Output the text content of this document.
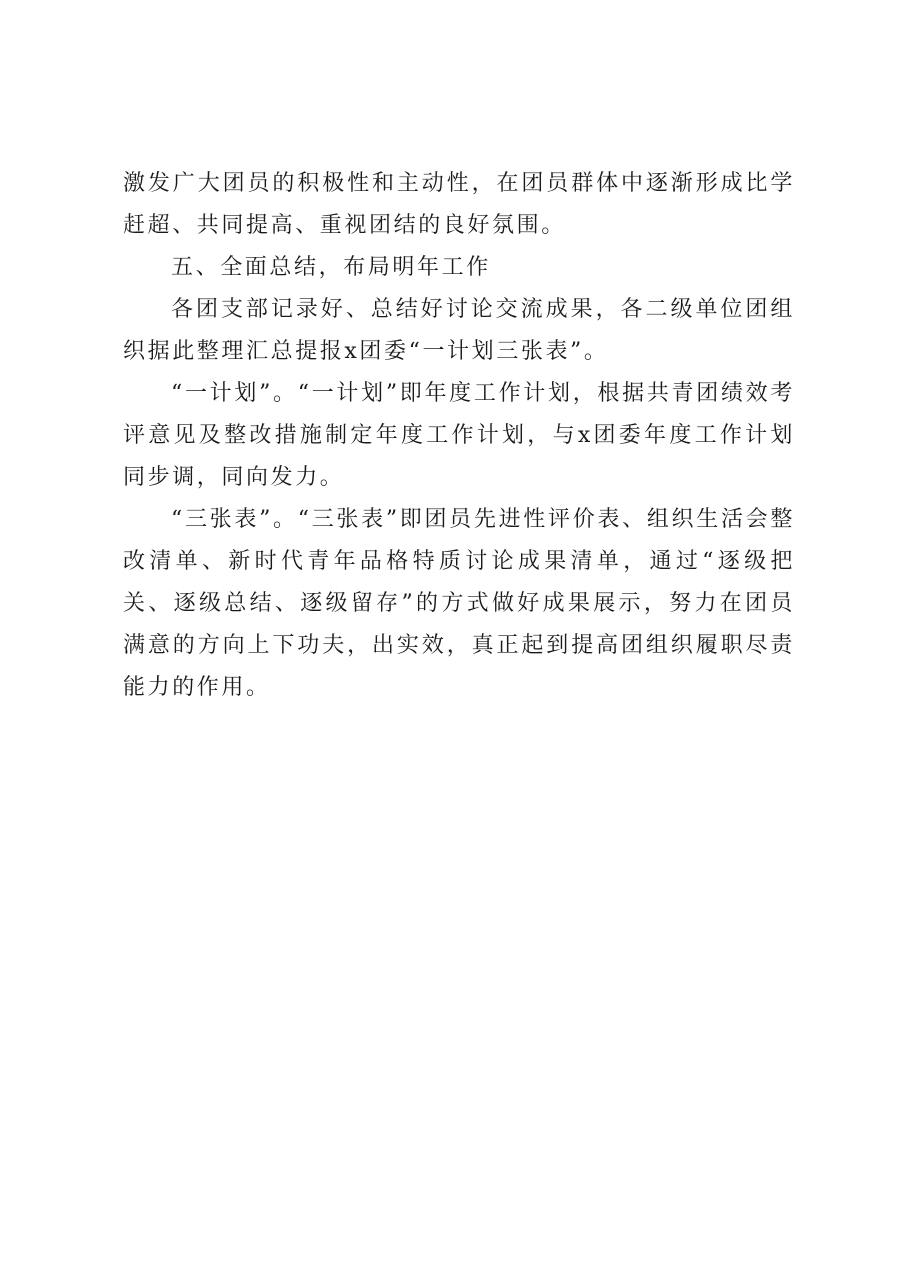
激发广大团员的积极性和主动性，在团员群体中逐渐形成比学赶超、共同提高、重视团结的良好氛围。

五、全面总结，布局明年工作

各团支部记录好、总结好讨论交流成果，各二级单位团组织据此整理汇总提报x团委“一计划三张表”。

“一计划”。“一计划”即年度工作计划，根据共青团绩效考评意见及整改措施制定年度工作计划，与x团委年度工作计划同步调，同向发力。

“三张表”。“三张表”即团员先进性评价表、组织生活会整改清单、新时代青年品格特质讨论成果清单，通过“逐级把关、逐级总结、逐级留存”的方式做好成果展示，努力在团员满意的方向上下功夫，出实效，真正起到提高团组织履职尽责能力的作用。
